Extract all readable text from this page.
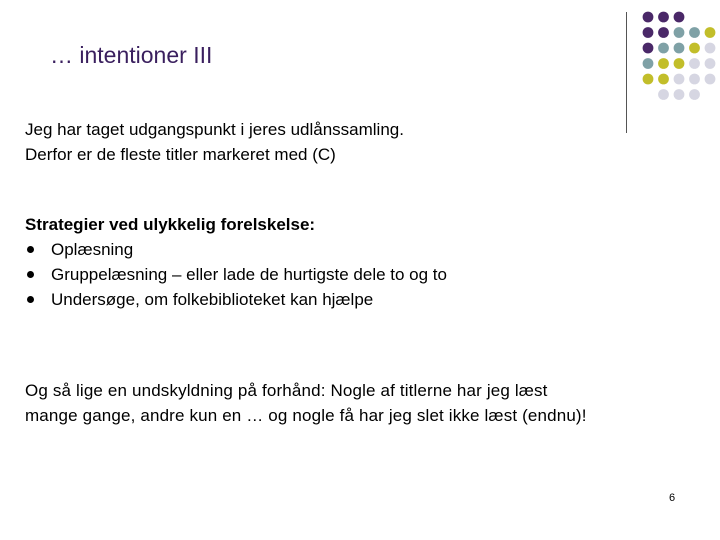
… intentioner III
Jeg har taget udgangspunkt i jeres udlånssamling.
Derfor er de fleste titler markeret med (C)
Strategier ved ulykkelig forelskelse:
Oplæsning
Gruppelæsning – eller lade de hurtigste dele to og to
Undersøge, om folkebiblioteket kan hjælpe
Og så lige en undskyldning på forhånd: Nogle af titlerne har jeg læst
mange gange, andre kun en … og nogle få har jeg slet ikke læst (endnu)!
6
